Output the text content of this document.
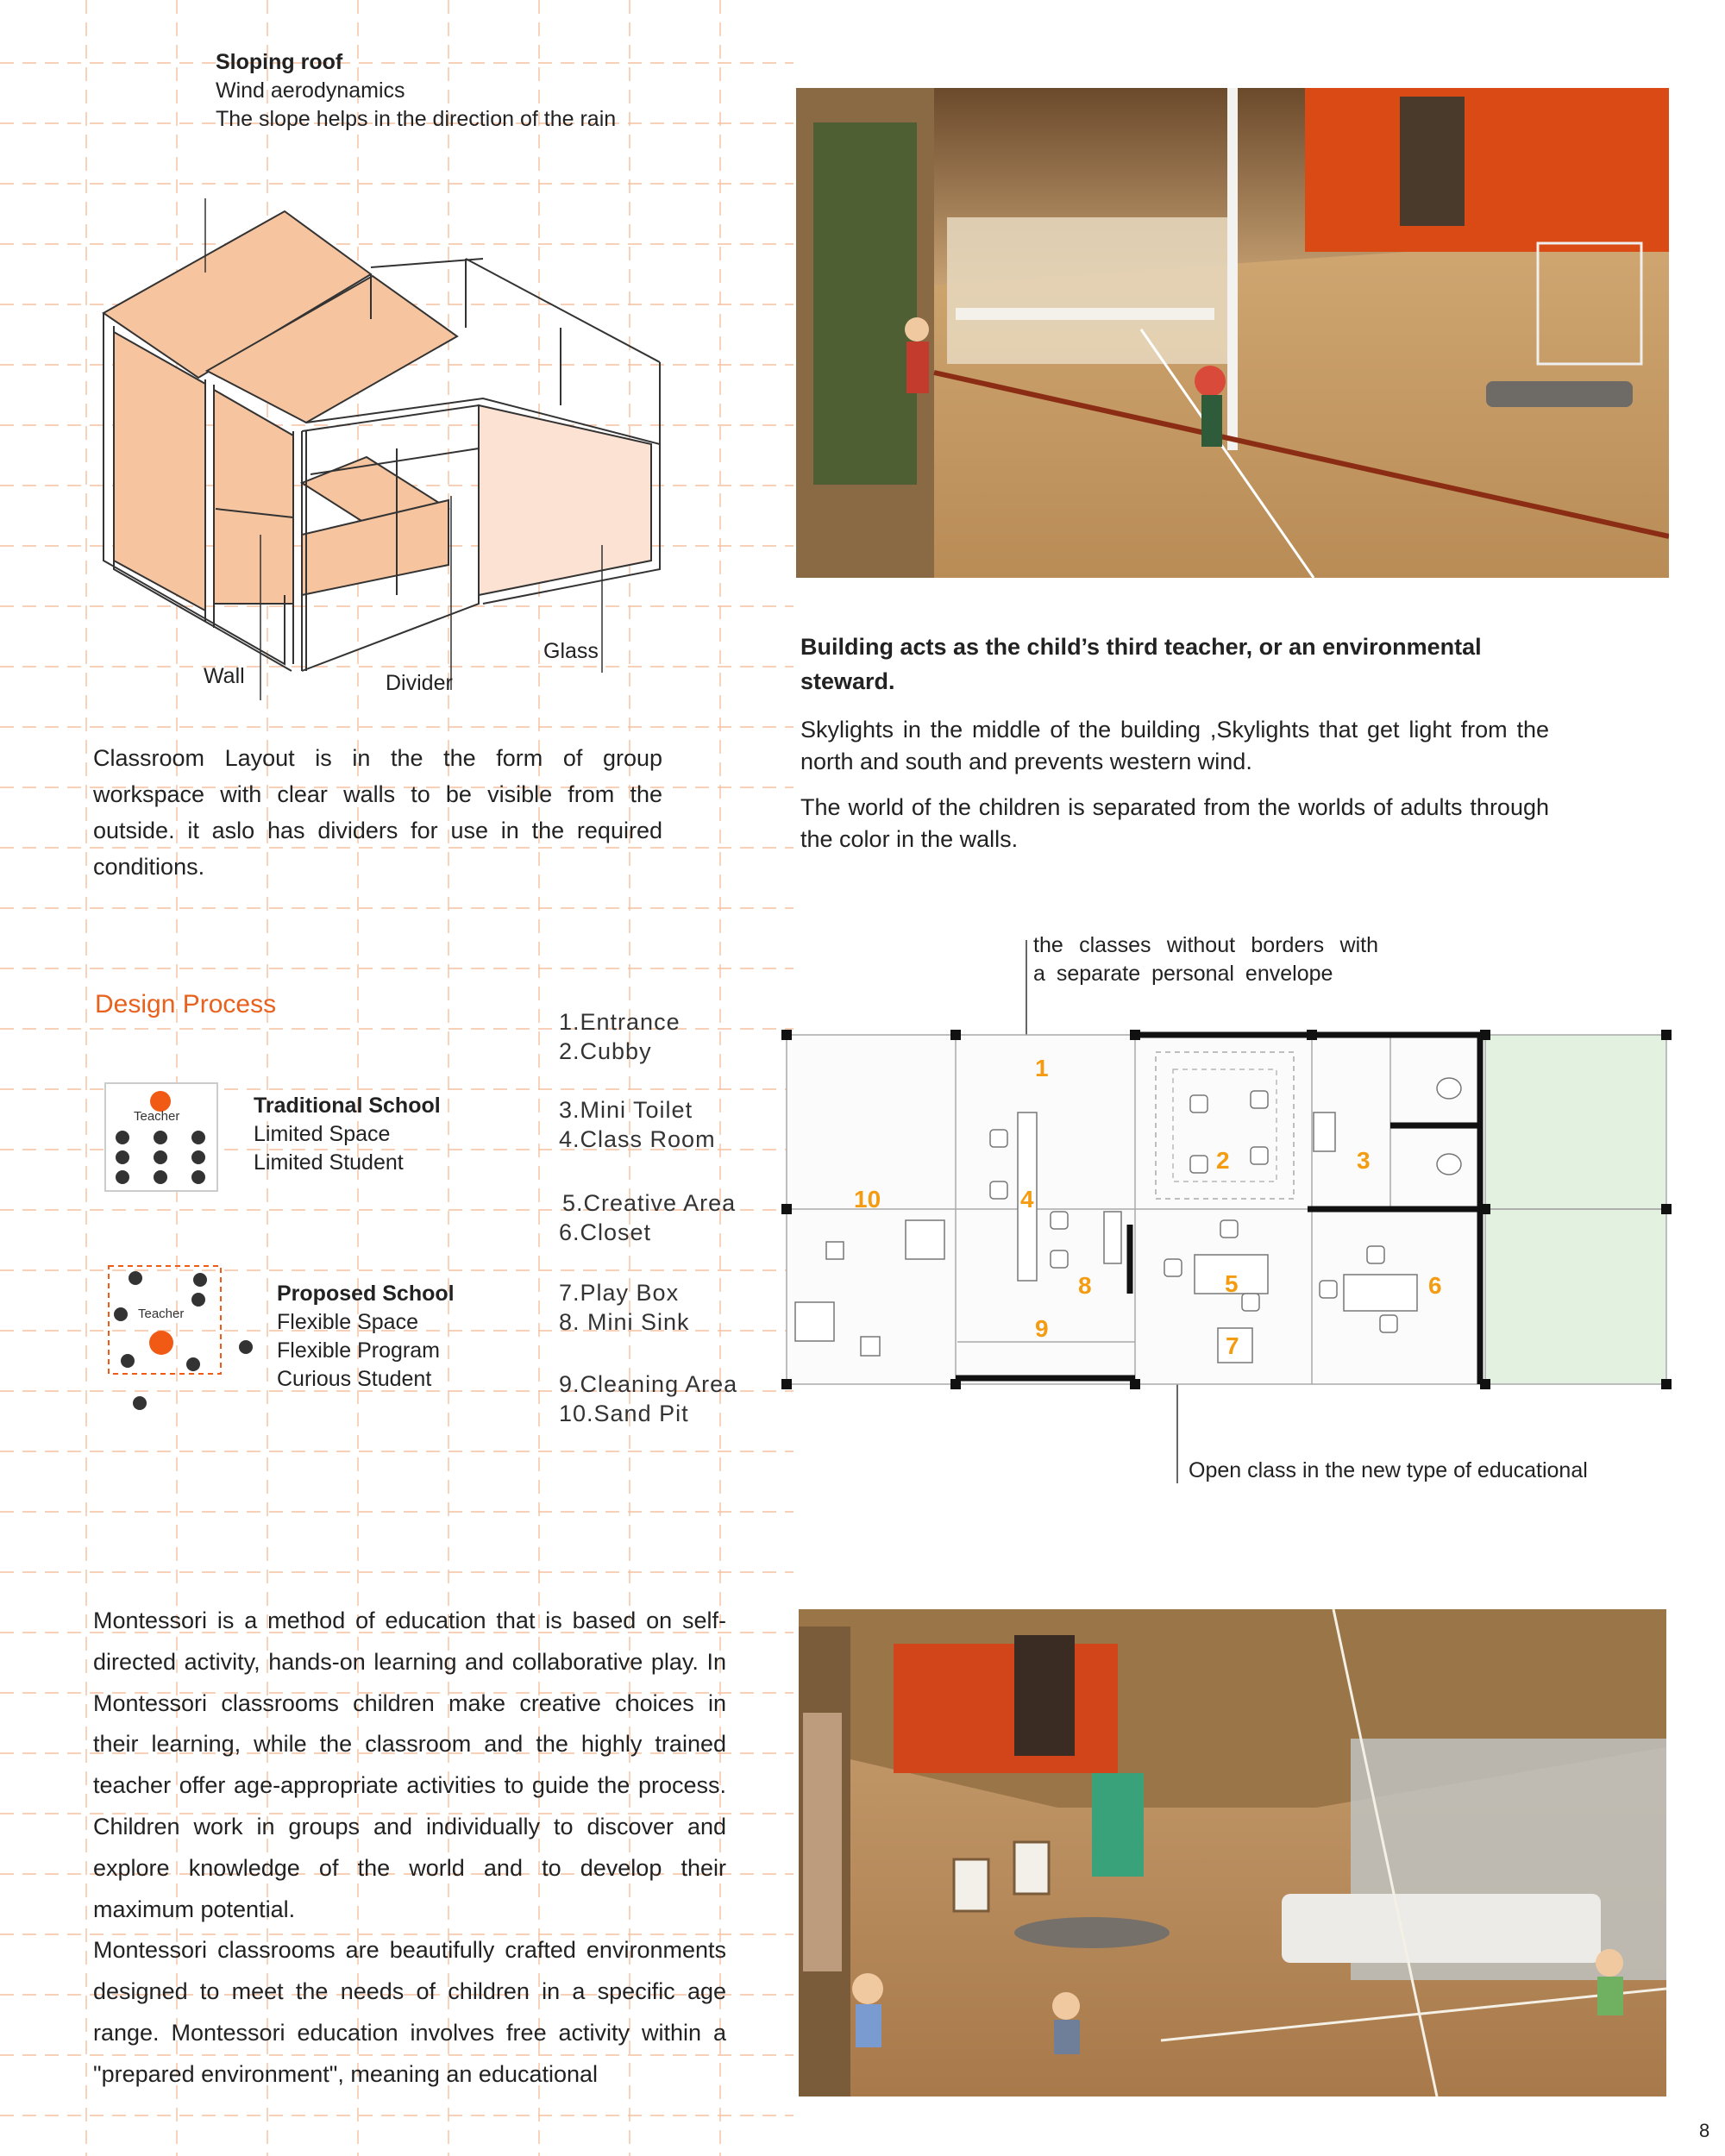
Sloping roof
Wind aerodynamics
The slope helps in the direction of the rain
Wall	Divider
Glass
Classroom Layout is in the the form of group workspace with clear walls to be visible from the outside. it aslo has dividers for use in the required conditions.
Building acts as the child’s third teacher, or an environmental steward.
Skylights in the middle of the building ,Skylights that get light from the north and south and prevents western wind.
The world of the children is separated from the worlds of adults through the color in the walls.
Design Process
Teacher	Traditional School
Limited Space
Limited Student
Teacher
Proposed School
Flexible Space
Flexible Program
Curious Student
1.Entrance
2.Cubby
3.Mini Toilet
4.Class Room
5.Creative Area
6.Closet
7.Play Box
8. Mini Sink
9.Cleaning Area
10.Sand Pit
the classes without borders with a separate personal envelope
1
2	3
4
5	6
7
8
9
10
Open class in the new type of educational

Montessori is a method of education that is based on self-directed activity, hands-on learning and collaborative play. In Montessori classrooms children make creative choices in their learning, while the classroom and the highly trained teacher offer age-appropriate activities to guide the process. Children work in groups and individually to discover and explore knowledge of the world and to develop their maximum potential.

Montessori classrooms are beautifully crafted environments designed to meet the needs of children in a specific age range. Montessori education involves free activity within a "prepared environment", meaning an educational

8
